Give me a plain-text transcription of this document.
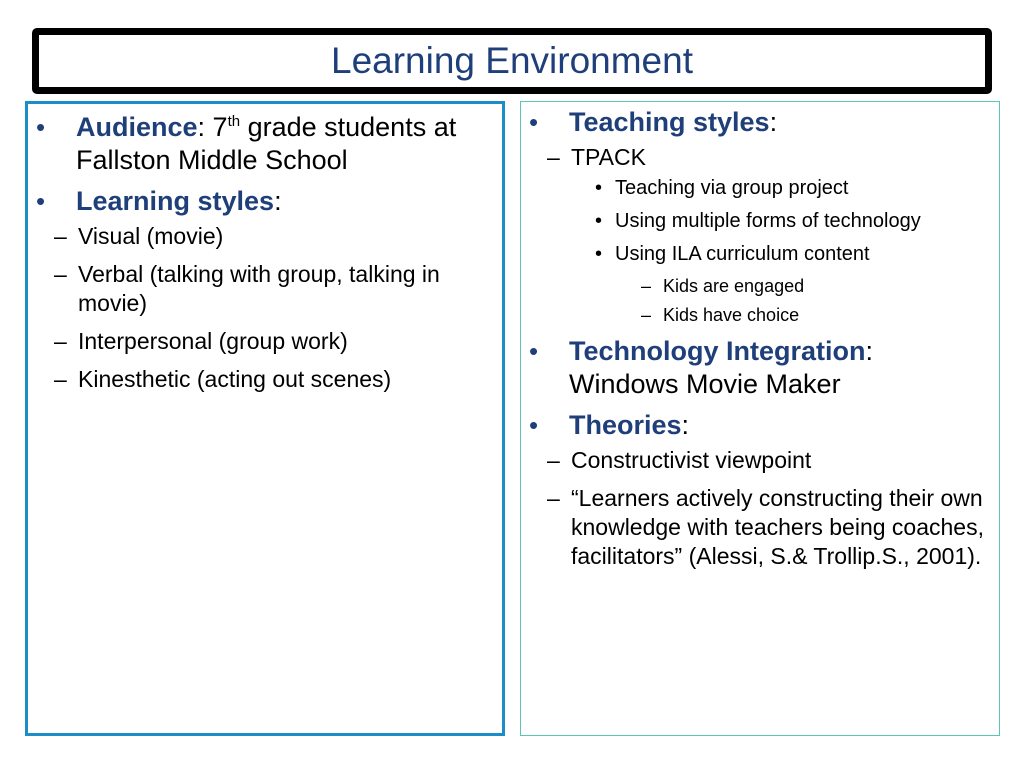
Learning Environment
• Audience: 7th grade students at Fallston Middle School
• Learning styles:
– Visual (movie)
– Verbal (talking with group, talking in movie)
– Interpersonal (group work)
– Kinesthetic (acting out scenes)
• Teaching styles:
– TPACK
• Teaching via group project
• Using multiple forms of technology
• Using ILA curriculum content
– Kids are engaged
– Kids have choice
• Technology Integration: Windows Movie Maker
• Theories:
– Constructivist viewpoint
– “Learners actively constructing their own knowledge with teachers being coaches, facilitators” (Alessi, S.& Trollip.S., 2001).
